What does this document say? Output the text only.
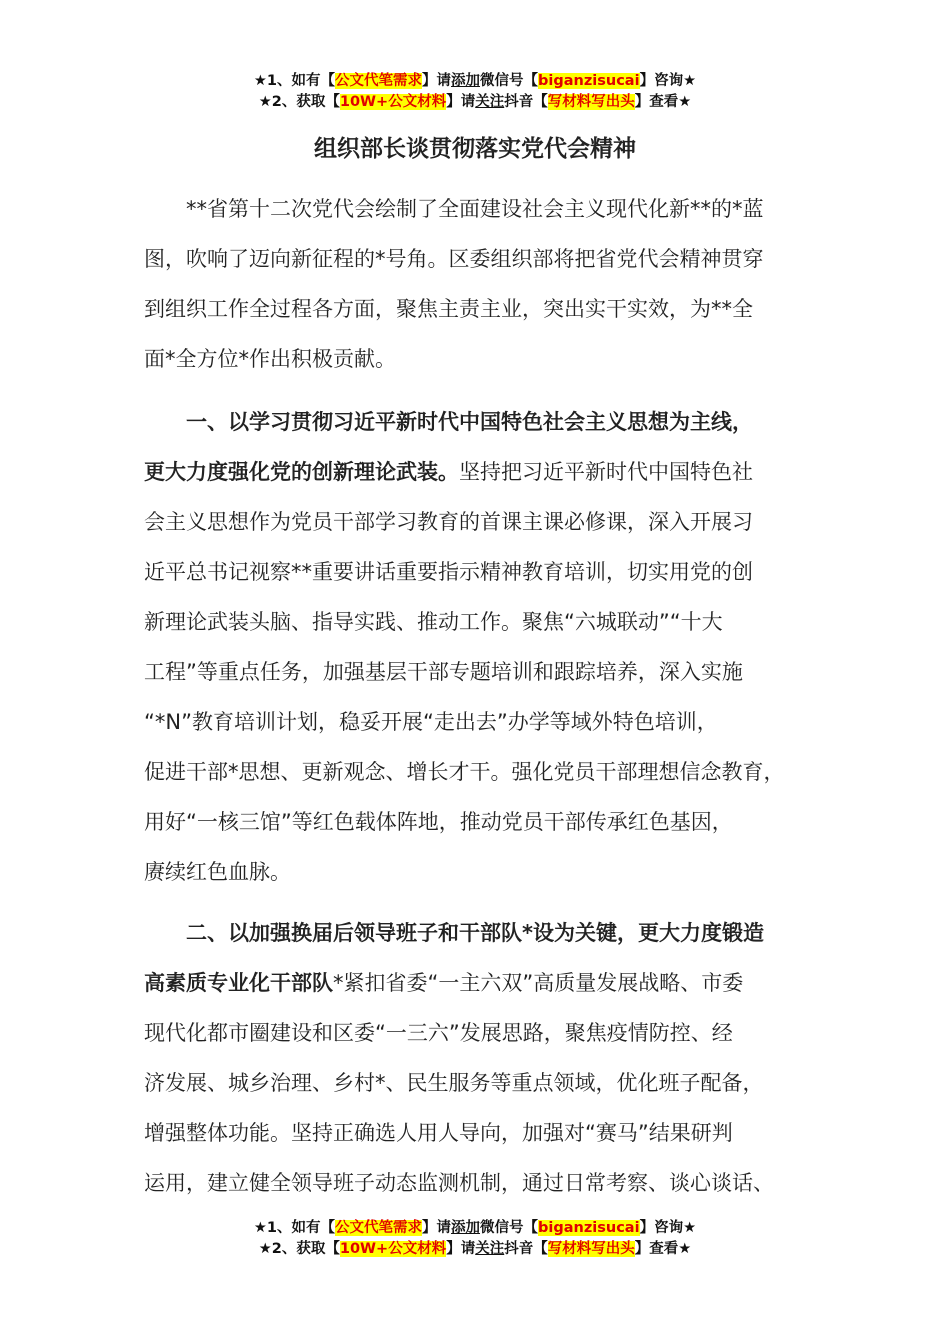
★1、如有【公文代笔需求】请添加微信号【biganzisucai】咨询★
★2、获取【10W+公文材料】请关注抖音【写材料写出头】查看★
组织部长谈贯彻落实党代会精神
　　**省第十二次党代会绘制了全面建设社会主义现代化新**的*蓝
图，吹响了迈向新征程的*号角。区委组织部将把省党代会精神贯穿
到组织工作全过程各方面，聚焦主责主业，突出实干实效，为**全
面*全方位*作出积极贡献。
　　一、以学习贯彻习近平新时代中国特色社会主义思想为主线，
更大力度强化党的创新理论武装。坚持把习近平新时代中国特色社
会主义思想作为党员干部学习教育的首课主课必修课，深入开展习
近平总书记视察**重要讲话重要指示精神教育培训，切实用党的创
新理论武装头脑、指导实践、推动工作。聚焦“六城联动”“十大
工程”等重点任务，加强基层干部专题培训和跟踪培养，深入实施
“*N”教育培训计划，稳妥开展“走出去”办学等域外特色培训，
促进干部*思想、更新观念、增长才干。强化党员干部理想信念教育，
用好“一核三馆”等红色载体阵地，推动党员干部传承红色基因，
赓续红色血脉。
　　二、以加强换届后领导班子和干部队*设为关键，更大力度锻造
高素质专业化干部队*紧扣省委“一主六双”高质量发展战略、市委
现代化都市圈建设和区委“一三六”发展思路，聚焦疫情防控、经
济发展、城乡治理、乡村*、民生服务等重点领域，优化班子配备，
增强整体功能。坚持正确选人用人导向，加强对“赛马”结果研判
运用，建立健全领导班子动态监测机制，通过日常考察、谈心谈话、
★1、如有【公文代笔需求】请添加微信号【biganzisucai】咨询★
★2、获取【10W+公文材料】请关注抖音【写材料写出头】查看★
